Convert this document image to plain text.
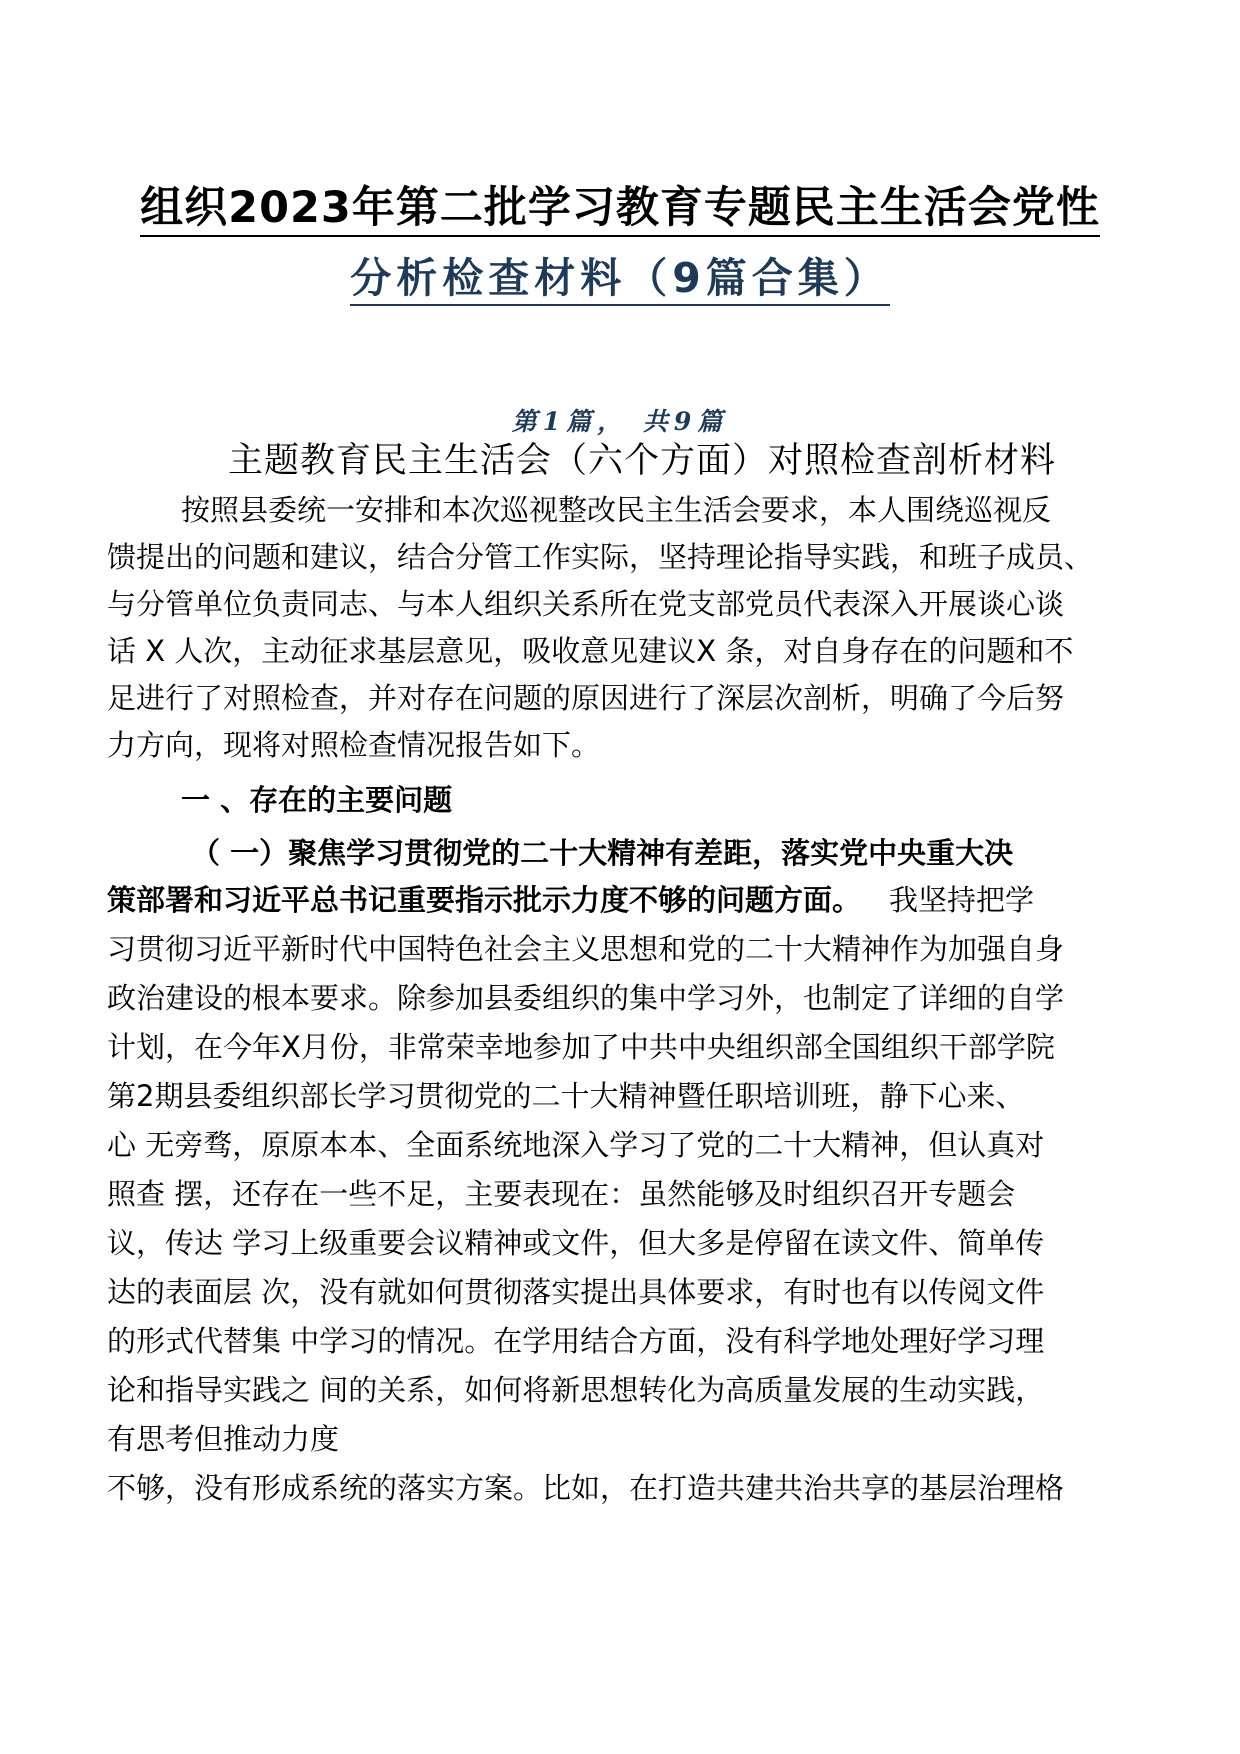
组织2023年第二批学习教育专题民主生活会党性
分析检查材料（9篇合集）
第1篇， 共9篇
主题教育民主生活会（六个方面）对照检查剖析材料
按照县委统一安排和本次巡视整改民主生活会要求，本人围绕巡视反
馈提出的问题和建议，结合分管工作实际，坚持理论指导实践，和班子成员、
与分管单位负责同志、与本人组织关系所在党支部党员代表深入开展谈心谈
话 X 人次，主动征求基层意见，吸收意见建议X 条，对自身存在的问题和不
足进行了对照检查，并对存在问题的原因进行了深层次剖析，明确了今后努
力方向，现将对照检查情况报告如下。
一 、存在的主要问题
（ 一）聚焦学习贯彻党的二十大精神有差距，落实党中央重大决
策部署和习近平总书记重要指示批示力度不够的问题方面。 我坚持把学
习贯彻习近平新时代中国特色社会主义思想和党的二十大精神作为加强自身
政治建设的根本要求。除参加县委组织的集中学习外，也制定了详细的自学
计划，在今年X月份，非常荣幸地参加了中共中央组织部全国组织干部学院
第2期县委组织部长学习贯彻党的二十大精神暨任职培训班，静下心来、
心 无旁骛，原原本本、全面系统地深入学习了党的二十大精神，但认真对
照查 摆，还存在一些不足，主要表现在：虽然能够及时组织召开专题会
议，传达 学习上级重要会议精神或文件，但大多是停留在读文件、简单传
达的表面层 次，没有就如何贯彻落实提出具体要求，有时也有以传阅文件
的形式代替集 中学习的情况。在学用结合方面，没有科学地处理好学习理
论和指导实践之 间的关系，如何将新思想转化为高质量发展的生动实践，
有思考但推动力度
不够，没有形成系统的落实方案。比如，在打造共建共治共享的基层治理格
